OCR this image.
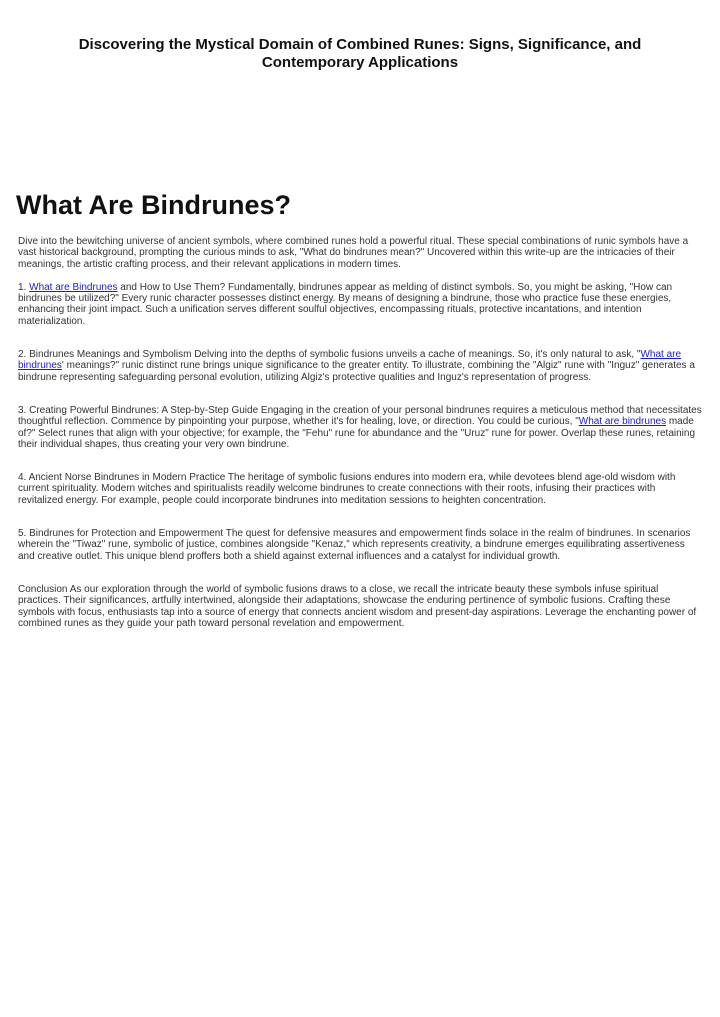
Discovering the Mystical Domain of Combined Runes: Signs, Significance, and
Contemporary Applications
What Are Bindrunes?

Dive into the bewitching universe of ancient symbols, where combined runes hold a powerful ritual. These special combinations of runic symbols have a vast historical background, prompting the curious minds to ask, "What do bindrunes mean?" Uncovered within this write-up are the intricacies of their meanings, the artistic crafting process, and their relevant applications in modern times.

1. What are Bindrunes and How to Use Them? Fundamentally, bindrunes appear as melding of distinct symbols. So, you might be asking, "How can bindrunes be utilized?" Every runic character possesses distinct energy. By means of designing a bindrune, those who practice fuse these energies, enhancing their joint impact. Such a unification serves different soulful objectives, encompassing rituals, protective incantations, and intention materialization.

2. Bindrunes Meanings and Symbolism Delving into the depths of symbolic fusions unveils a cache of meanings. So, it's only natural to ask, "What are bindrunes' meanings?" runic distinct rune brings unique significance to the greater entity. To illustrate, combining the "Algiz" rune with "Inguz" generates a bindrune representing safeguarding personal evolution, utilizing Algiz's protective qualities and Inguz's representation of progress.

3. Creating Powerful Bindrunes: A Step-by-Step Guide Engaging in the creation of your personal bindrunes requires a meticulous method that necessitates thoughtful reflection. Commence by pinpointing your purpose, whether it's for healing, love, or direction. You could be curious, "What are bindrunes made of?" Select runes that align with your objective; for example, the "Fehu" rune for abundance and the "Uruz" rune for power. Overlap these runes, retaining their individual shapes, thus creating your very own bindrune.

4. Ancient Norse Bindrunes in Modern Practice The heritage of symbolic fusions endures into modern era, while devotees blend age-old wisdom with current spirituality. Modern witches and spiritualists readily welcome bindrunes to create connections with their roots, infusing their practices with revitalized energy. For example, people could incorporate bindrunes into meditation sessions to heighten concentration.

5. Bindrunes for Protection and Empowerment The quest for defensive measures and empowerment finds solace in the realm of bindrunes. In scenarios wherein the "Tiwaz" rune, symbolic of justice, combines alongside "Kenaz," which represents creativity, a bindrune emerges equilibrating assertiveness and creative outlet. This unique blend proffers both a shield against external influences and a catalyst for individual growth.

Conclusion As our exploration through the world of symbolic fusions draws to a close, we recall the intricate beauty these symbols infuse spiritual practices. Their significances, artfully intertwined, alongside their adaptations, showcase the enduring pertinence of symbolic fusions. Crafting these symbols with focus, enthusiasts tap into a source of energy that connects ancient wisdom and present-day aspirations. Leverage the enchanting power of combined runes as they guide your path toward personal revelation and empowerment.
